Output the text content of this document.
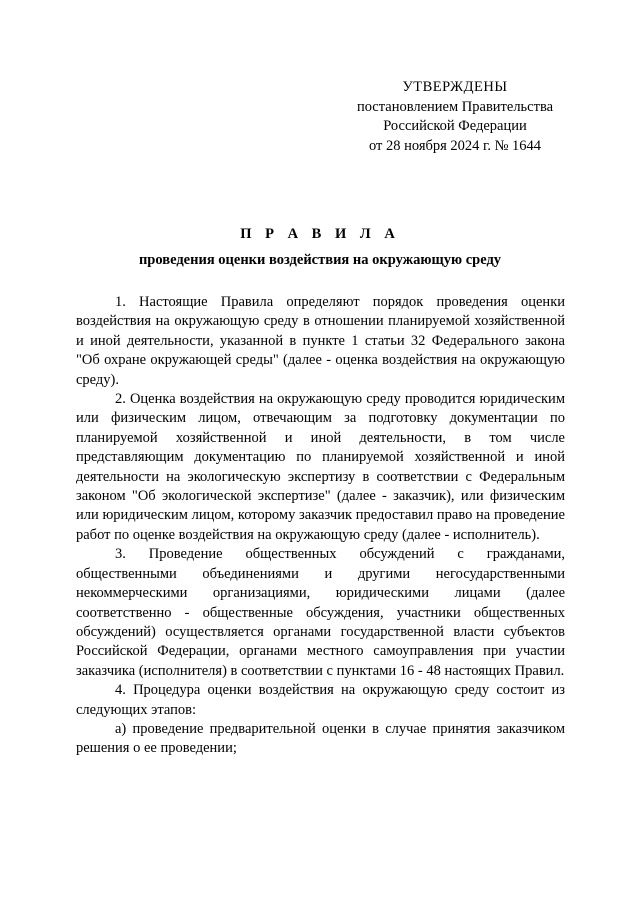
УТВЕРЖДЕНЫ
постановлением Правительства
Российской Федерации
от 28 ноября 2024 г. № 1644
П Р А В И Л А
проведения оценки воздействия на окружающую среду

1. Настоящие Правила определяют порядок проведения оценки воздействия на окружающую среду в отношении планируемой хозяйственной и иной деятельности, указанной в пункте 1 статьи 32 Федерального закона "Об охране окружающей среды" (далее - оценка воздействия на окружающую среду).

2. Оценка воздействия на окружающую среду проводится юридическим или физическим лицом, отвечающим за подготовку документации по планируемой хозяйственной и иной деятельности, в том числе представляющим документацию по планируемой хозяйственной и иной деятельности на экологическую экспертизу в соответствии с Федеральным законом "Об экологической экспертизе" (далее - заказчик), или физическим или юридическим лицом, которому заказчик предоставил право на проведение работ по оценке воздействия на окружающую среду (далее - исполнитель).

3. Проведение общественных обсуждений с гражданами, общественными объединениями и другими негосударственными некоммерческими организациями, юридическими лицами (далее соответственно - общественные обсуждения, участники общественных обсуждений) осуществляется органами государственной власти субъектов Российской Федерации, органами местного самоуправления при участии заказчика (исполнителя) в соответствии с пунктами 16 - 48 настоящих Правил.

4. Процедура оценки воздействия на окружающую среду состоит из следующих этапов:

а) проведение предварительной оценки в случае принятия заказчиком решения о ее проведении;
